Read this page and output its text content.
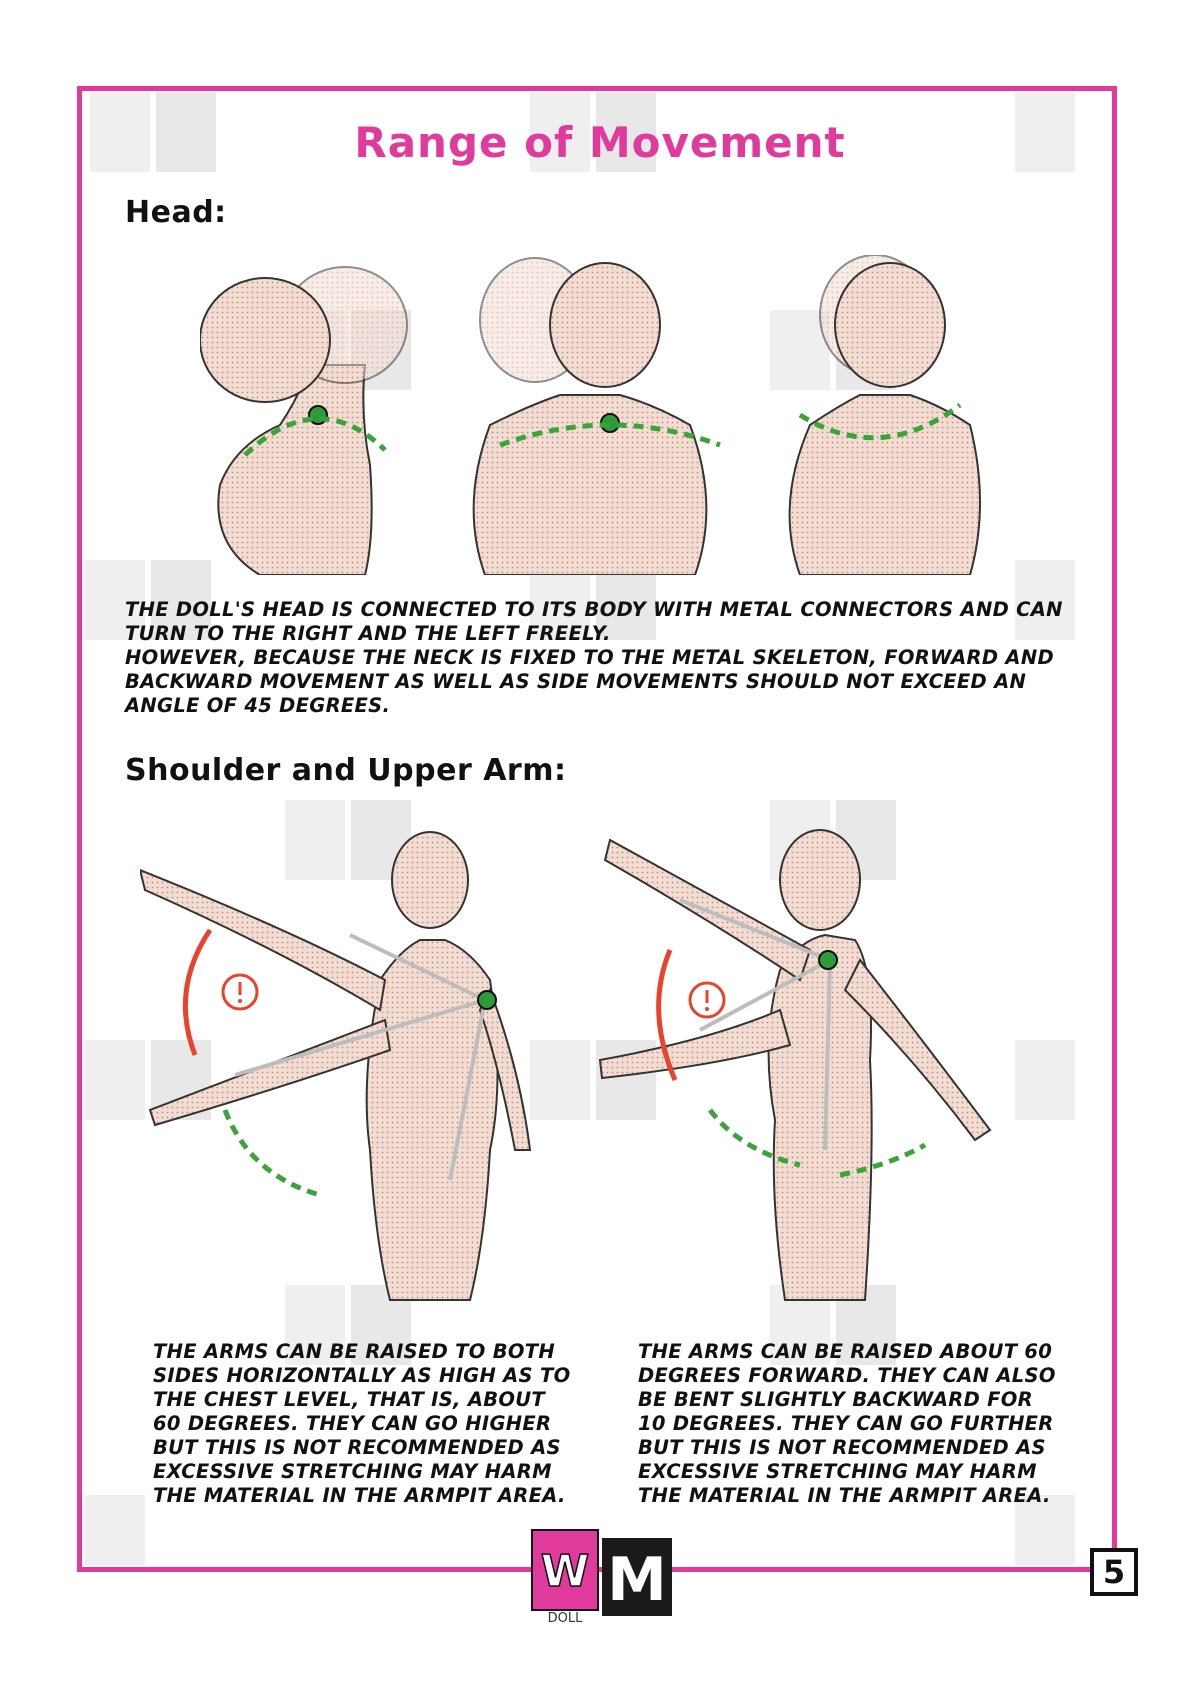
Range of Movement
Head:

THE DOLL'S HEAD IS CONNECTED TO ITS BODY WITH METAL CONNECTORS AND CAN
TURN TO THE RIGHT AND THE LEFT FREELY.
HOWEVER, BECAUSE THE NECK IS FIXED TO THE METAL SKELETON, FORWARD AND
BACKWARD MOVEMENT AS WELL AS SIDE MOVEMENTS SHOULD NOT EXCEED AN
ANGLE OF 45 DEGREES.

Shoulder and Upper Arm:

THE ARMS CAN BE RAISED TO BOTH
SIDES HORIZONTALLY AS HIGH AS TO
THE CHEST LEVEL, THAT IS, ABOUT
60 DEGREES. THEY CAN GO HIGHER
BUT THIS IS NOT RECOMMENDED AS
EXCESSIVE STRETCHING MAY HARM
THE MATERIAL IN THE ARMPIT AREA.

THE ARMS CAN BE RAISED ABOUT 60
DEGREES FORWARD. THEY CAN ALSO
BE BENT SLIGHTLY BACKWARD FOR
10 DEGREES. THEY CAN GO FURTHER
BUT THIS IS NOT RECOMMENDED AS
EXCESSIVE STRETCHING MAY HARM
THE MATERIAL IN THE ARMPIT AREA.

W M
DOLL
5
